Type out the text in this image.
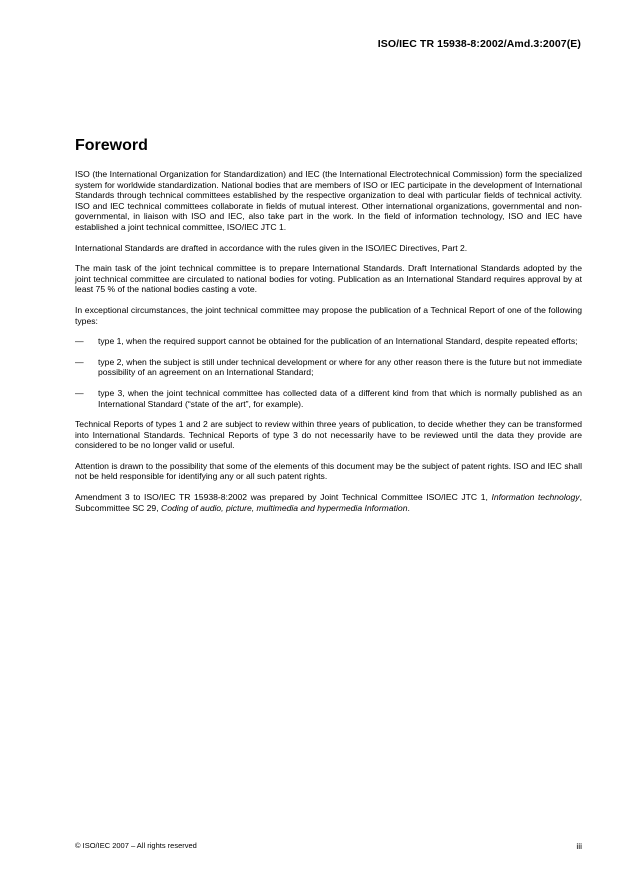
ISO/IEC TR 15938-8:2002/Amd.3:2007(E)
Foreword

ISO (the International Organization for Standardization) and IEC (the International Electrotechnical Commission) form the specialized system for worldwide standardization. National bodies that are members of ISO or IEC participate in the development of International Standards through technical committees established by the respective organization to deal with particular fields of technical activity. ISO and IEC technical committees collaborate in fields of mutual interest. Other international organizations, governmental and non-governmental, in liaison with ISO and IEC, also take part in the work. In the field of information technology, ISO and IEC have established a joint technical committee, ISO/IEC JTC 1.

International Standards are drafted in accordance with the rules given in the ISO/IEC Directives, Part 2.

The main task of the joint technical committee is to prepare International Standards. Draft International Standards adopted by the joint technical committee are circulated to national bodies for voting. Publication as an International Standard requires approval by at least 75 % of the national bodies casting a vote.

In exceptional circumstances, the joint technical committee may propose the publication of a Technical Report of one of the following types:

— type 1, when the required support cannot be obtained for the publication of an International Standard, despite repeated efforts;
— type 2, when the subject is still under technical development or where for any other reason there is the future but not immediate possibility of an agreement on an International Standard;
— type 3, when the joint technical committee has collected data of a different kind from that which is normally published as an International Standard (“state of the art”, for example).

Technical Reports of types 1 and 2 are subject to review within three years of publication, to decide whether they can be transformed into International Standards. Technical Reports of type 3 do not necessarily have to be reviewed until the data they provide are considered to be no longer valid or useful.

Attention is drawn to the possibility that some of the elements of this document may be the subject of patent rights. ISO and IEC shall not be held responsible for identifying any or all such patent rights.

Amendment 3 to ISO/IEC TR 15938-8:2002 was prepared by Joint Technical Committee ISO/IEC JTC 1, Information technology, Subcommittee SC 29, Coding of audio, picture, multimedia and hypermedia Information.

© ISO/IEC 2007 – All rights reserved	iii
